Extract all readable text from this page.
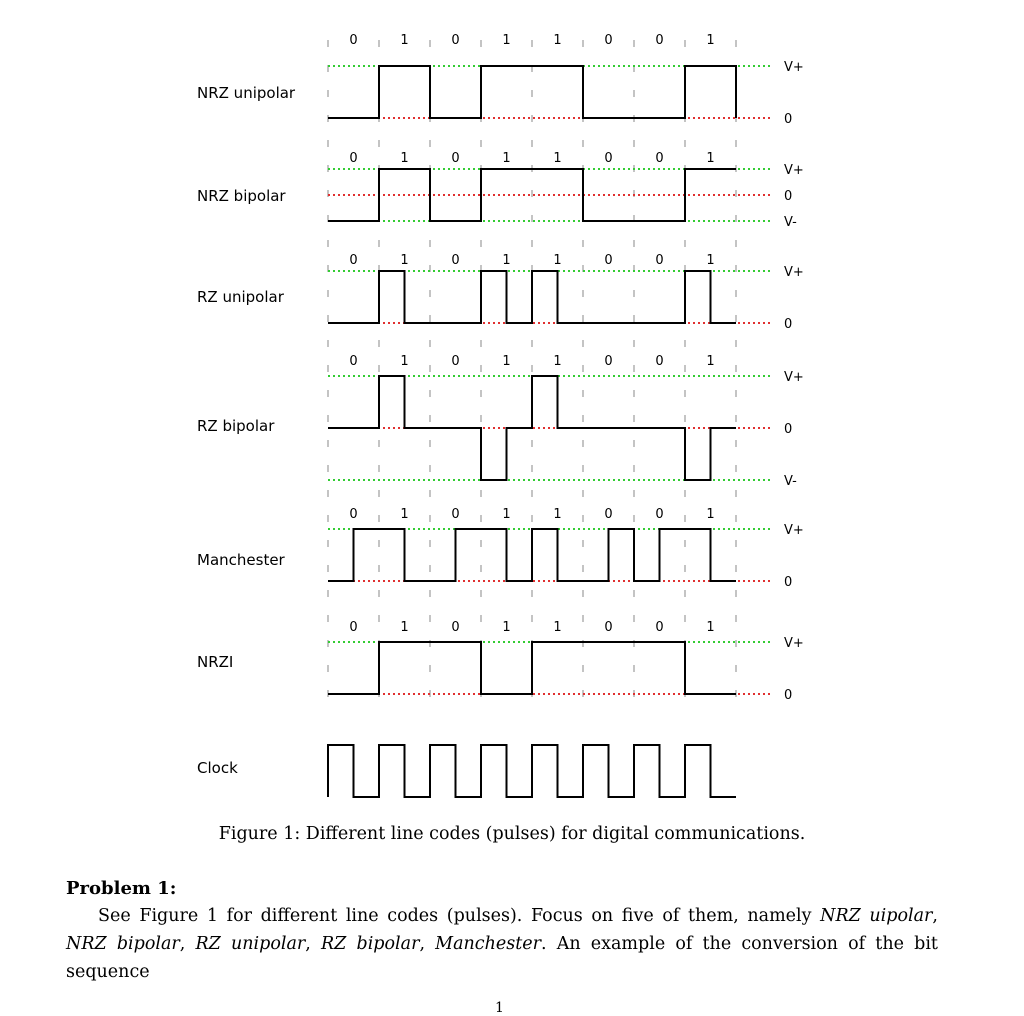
0	1	0	1	1	0	0	1
NRZ unipolar
V+
0
0	1	0	1	1	0	0	1
NRZ bipolar
V+
0
V-
0	1	0	1	1	0	0	1
RZ unipolar
V+
0
0	1	0	1	1	0	0	1
RZ bipolar
V+
0
V-
0	1	0	1	1	0	0	1
Manchester
V+
0
0	1	0	1	1	0	0	1
NRZI
V+
0
Clock
Figure 1: Different line codes (pulses) for digital communications.
Problem 1:
See Figure 1 for different line codes (pulses). Focus on five of them, namely NRZ uipolar, NRZ bipolar, RZ unipolar, RZ bipolar, Manchester. An example of the conversion of the bit sequence
1
